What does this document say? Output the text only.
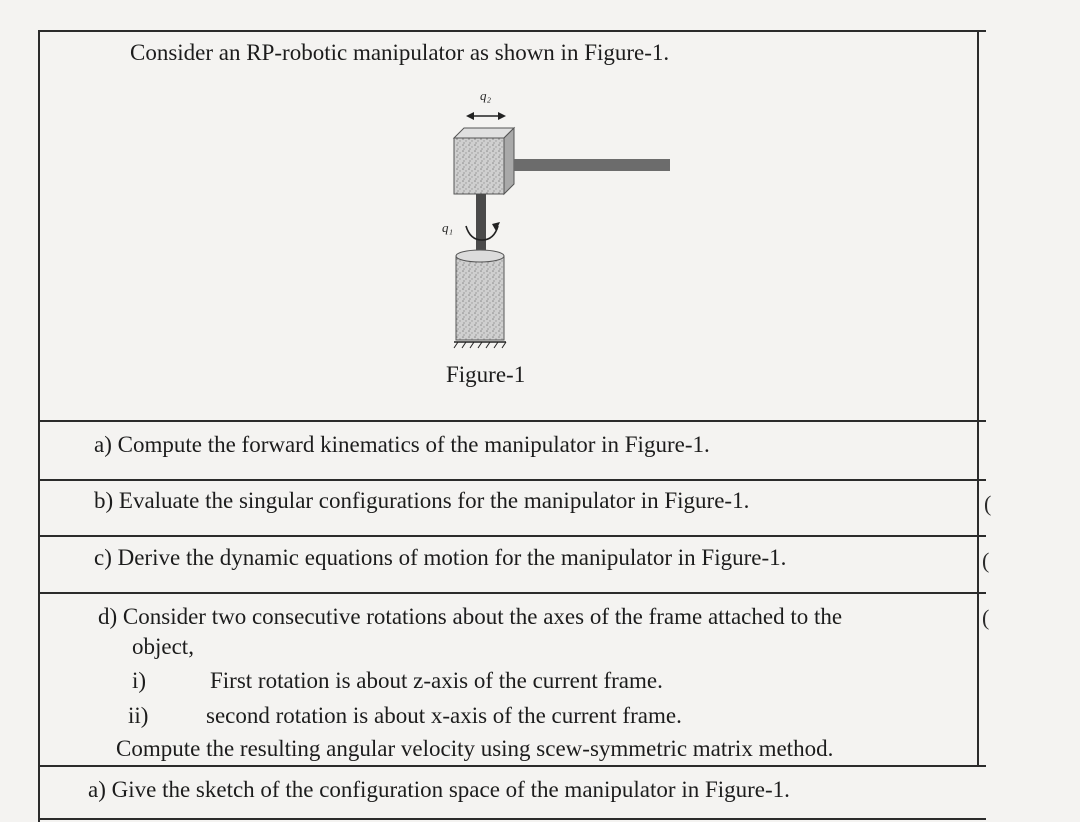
Consider an RP-robotic manipulator as shown in Figure-1.
q₂
q₁
Figure-1
a) Compute the forward kinematics of the manipulator in Figure-1.
b) Evaluate the singular configurations for the manipulator in Figure-1.
c) Derive the dynamic equations of motion for the manipulator in Figure-1.
d) Consider two consecutive rotations about the axes of the frame attached to the
object,
i)	First rotation is about z-axis of the current frame.
ii)	second rotation is about x-axis of the current frame.
Compute the resulting angular velocity using scew-symmetric matrix method.
a) Give the sketch of the configuration space of the manipulator in Figure-1.
(
(
(
